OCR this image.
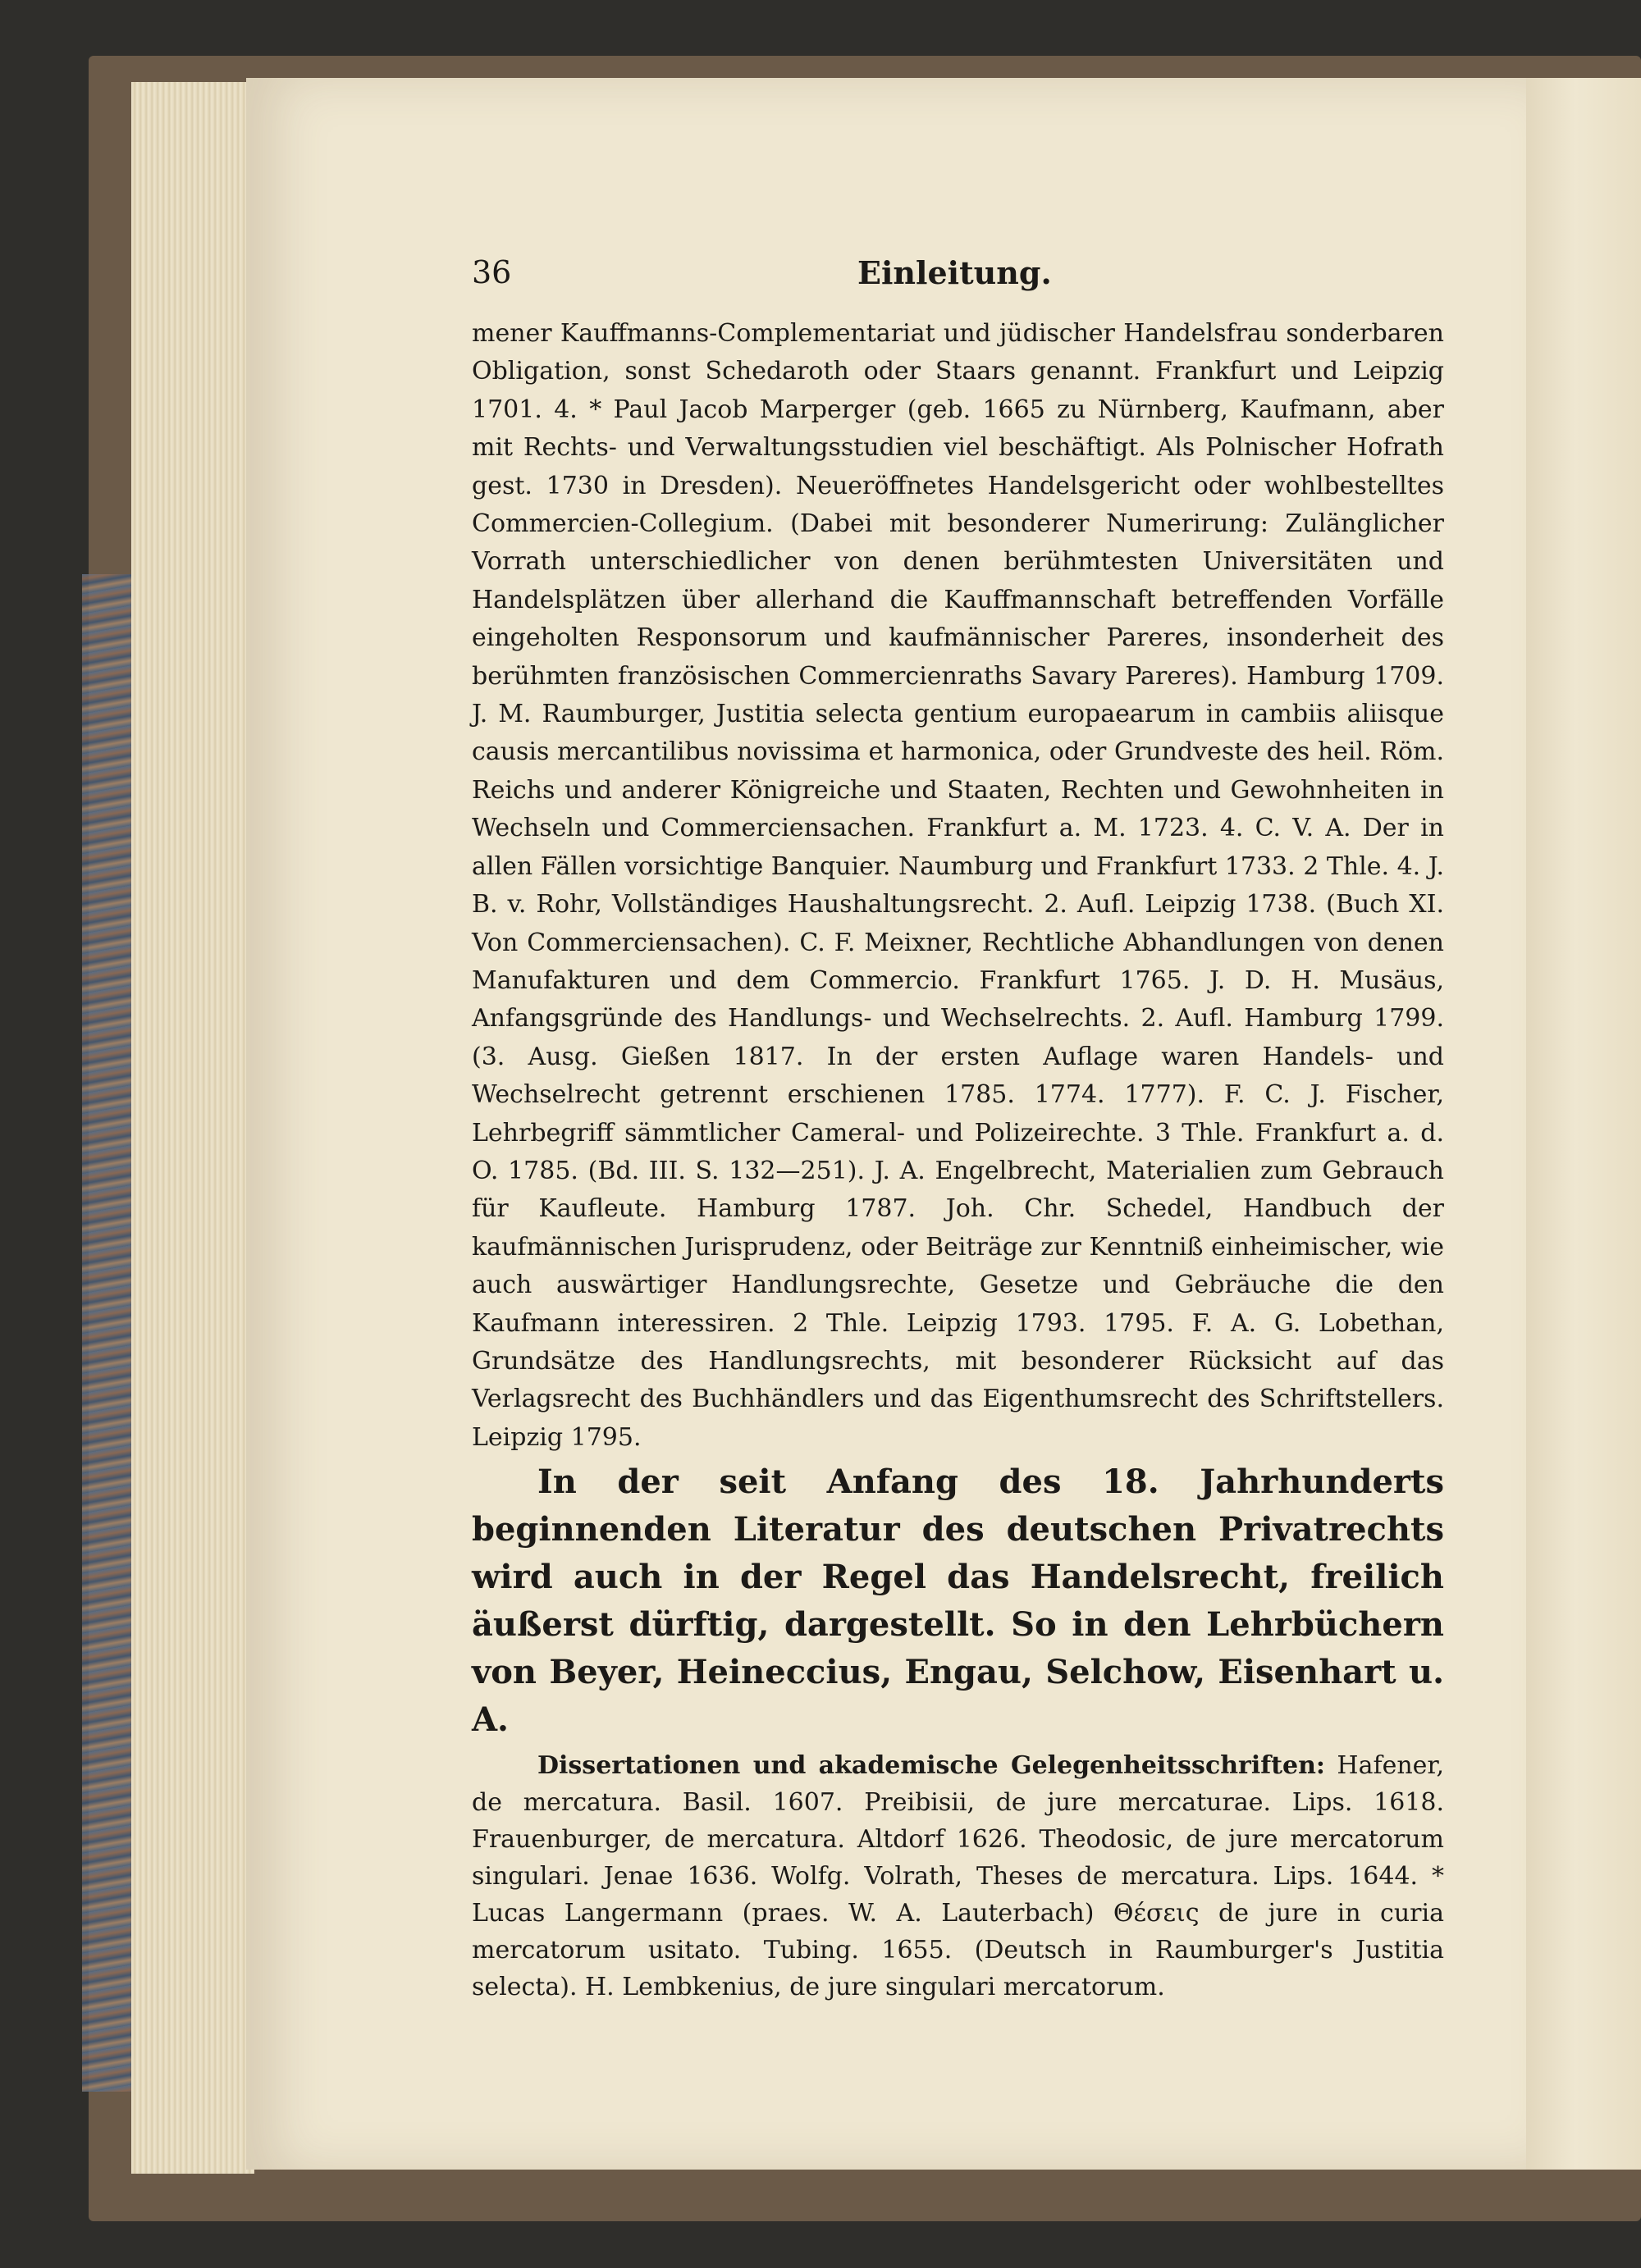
36	Einleitung.

mener Kauffmanns-Complementariat und jüdischer Handelsfrau sonderbaren Obligation, sonst Schedaroth oder Staars genannt. Frankfurt und Leipzig 1701. 4. * Paul Jacob Marperger (geb. 1665 zu Nürnberg, Kaufmann, aber mit Rechts- und Verwaltungsstudien viel beschäftigt. Als Polnischer Hofrath gest. 1730 in Dresden). Neueröffnetes Handelsgericht oder wohlbestelltes Commercien-Collegium. (Dabei mit besonderer Numerirung: Zulänglicher Vorrath unterschiedlicher von denen berühmtesten Universitäten und Handelsplätzen über allerhand die Kauffmannschaft betreffenden Vorfälle eingeholten Responsorum und kaufmännischer Pareres, insonderheit des berühmten französischen Commercienraths Savary Pareres). Hamburg 1709. J. M. Raumburger, Justitia selecta gentium europaearum in cambiis aliisque causis mercantilibus novissima et harmonica, oder Grundveste des heil. Röm. Reichs und anderer Königreiche und Staaten, Rechten und Gewohnheiten in Wechseln und Commerciensachen. Frankfurt a. M. 1723. 4. C. V. A. Der in allen Fällen vorsichtige Banquier. Naumburg und Frankfurt 1733. 2 Thle. 4. J. B. v. Rohr, Vollständiges Haushaltungsrecht. 2. Aufl. Leipzig 1738. (Buch XI. Von Commerciensachen). C. F. Meixner, Rechtliche Abhandlungen von denen Manufakturen und dem Commercio. Frankfurt 1765. J. D. H. Musäus, Anfangsgründe des Handlungs- und Wechselrechts. 2. Aufl. Hamburg 1799. (3. Ausg. Gießen 1817. In der ersten Auflage waren Handels- und Wechselrecht getrennt erschienen 1785. 1774. 1777). F. C. J. Fischer, Lehrbegriff sämmtlicher Cameral- und Polizeirechte. 3 Thle. Frankfurt a. d. O. 1785. (Bd. III. S. 132—251). J. A. Engelbrecht, Materialien zum Gebrauch für Kaufleute. Hamburg 1787. Joh. Chr. Schedel, Handbuch der kaufmännischen Jurisprudenz, oder Beiträge zur Kenntniß einheimischer, wie auch auswärtiger Handlungsrechte, Gesetze und Gebräuche die den Kaufmann interessiren. 2 Thle. Leipzig 1793. 1795. F. A. G. Lobethan, Grundsätze des Handlungsrechts, mit besonderer Rücksicht auf das Verlagsrecht des Buchhändlers und das Eigenthumsrecht des Schriftstellers. Leipzig 1795.

In der seit Anfang des 18. Jahrhunderts beginnenden Literatur des deutschen Privatrechts wird auch in der Regel das Handelsrecht, freilich äußerst dürftig, dargestellt. So in den Lehrbüchern von Beyer, Heineccius, Engau, Selchow, Eisenhart u. A.
Dissertationen und akademische Gelegenheitsschriften: Hafener, de mercatura. Basil. 1607. Preibisii, de jure mercaturae. Lips. 1618. Frauenburger, de mercatura. Altdorf 1626. Theodosic, de jure mercatorum singulari. Jenae 1636. Wolfg. Volrath, Theses de mercatura. Lips. 1644. * Lucas Langermann (praes. W. A. Lauterbach) Θέσεις de jure in curia mercatorum usitato. Tubing. 1655. (Deutsch in Raumburger's Justitia selecta). H. Lembkenius, de jure singulari mercatorum.
